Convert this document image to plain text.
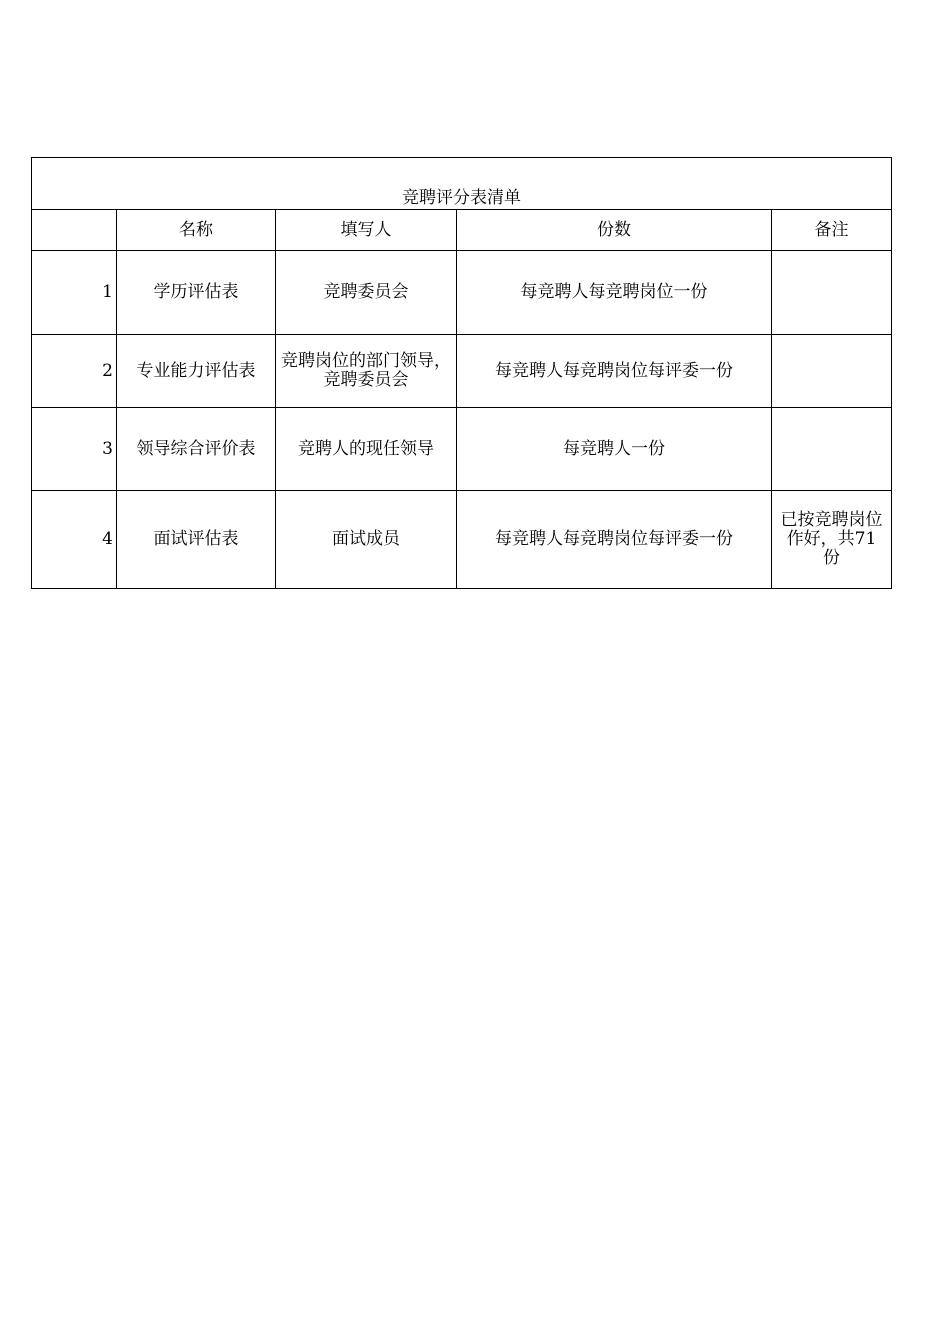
竞聘评分表清单				
	名称	填写人	份数	备注
1	学历评估表	竞聘委员会	每竞聘人每竞聘岗位一份	
2	专业能力评估表	竞聘岗位的部门领导，竞聘委员会	每竞聘人每竞聘岗位每评委一份	
3	领导综合评价表	竞聘人的现任领导	每竞聘人一份	
4	面试评估表	面试成员	每竞聘人每竞聘岗位每评委一份	已按竞聘岗位作好，共71份
